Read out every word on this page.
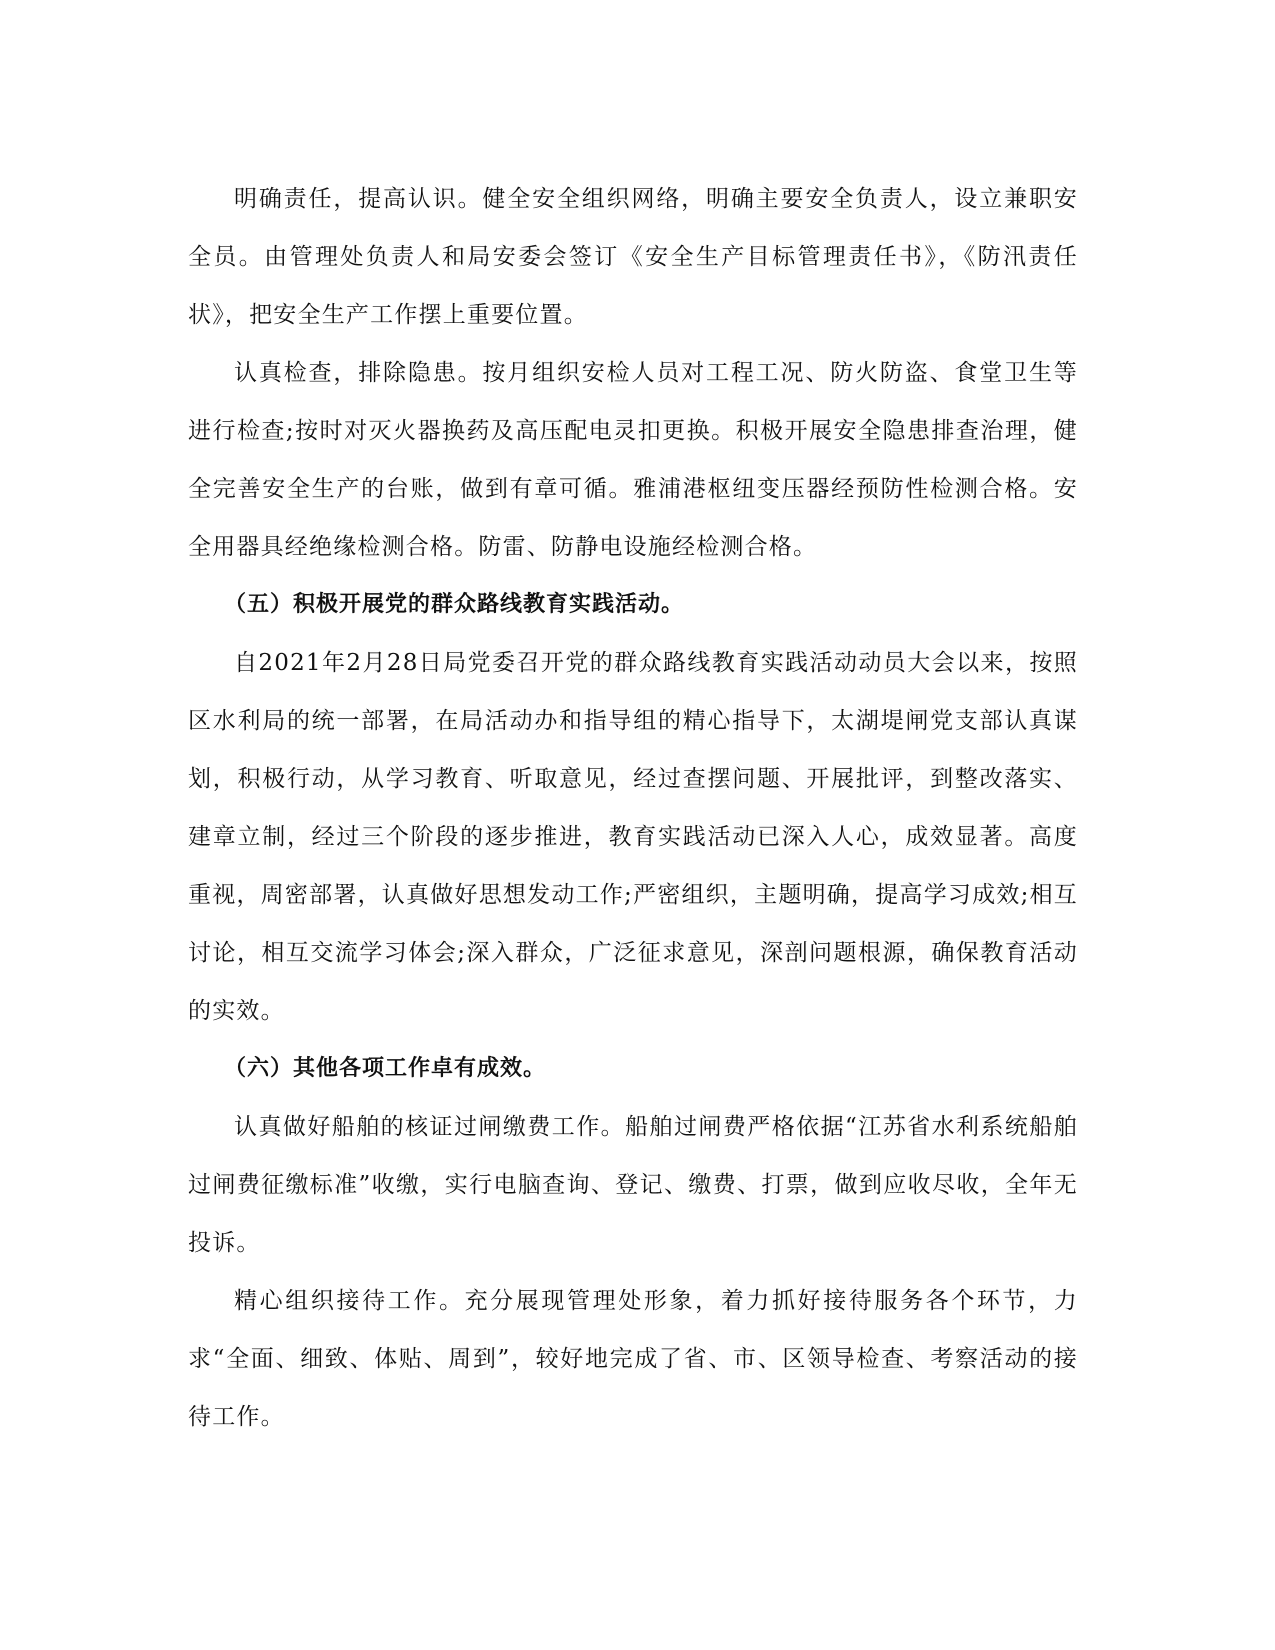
明确责任，提高认识。健全安全组织网络，明确主要安全负责人，设立兼职安全员。由管理处负责人和局安委会签订《安全生产目标管理责任书》，《防汛责任状》，把安全生产工作摆上重要位置。

认真检查，排除隐患。按月组织安检人员对工程工况、防火防盗、食堂卫生等进行检查;按时对灭火器换药及高压配电灵扣更换。积极开展安全隐患排查治理，健全完善安全生产的台账，做到有章可循。雅浦港枢纽变压器经预防性检测合格。安全用器具经绝缘检测合格。防雷、防静电设施经检测合格。

（五）积极开展党的群众路线教育实践活动。

自2021年2月28日局党委召开党的群众路线教育实践活动动员大会以来，按照区水利局的统一部署，在局活动办和指导组的精心指导下，太湖堤闸党支部认真谋划，积极行动，从学习教育、听取意见，经过查摆问题、开展批评，到整改落实、建章立制，经过三个阶段的逐步推进，教育实践活动已深入人心，成效显著。高度重视，周密部署，认真做好思想发动工作;严密组织，主题明确，提高学习成效;相互讨论，相互交流学习体会;深入群众，广泛征求意见，深剖问题根源，确保教育活动的实效。

（六）其他各项工作卓有成效。

认真做好船舶的核证过闸缴费工作。船舶过闸费严格依据“江苏省水利系统船舶过闸费征缴标准”收缴，实行电脑查询、登记、缴费、打票，做到应收尽收，全年无投诉。

精心组织接待工作。充分展现管理处形象，着力抓好接待服务各个环节，力求“全面、细致、体贴、周到”，较好地完成了省、市、区领导检查、考察活动的接待工作。
